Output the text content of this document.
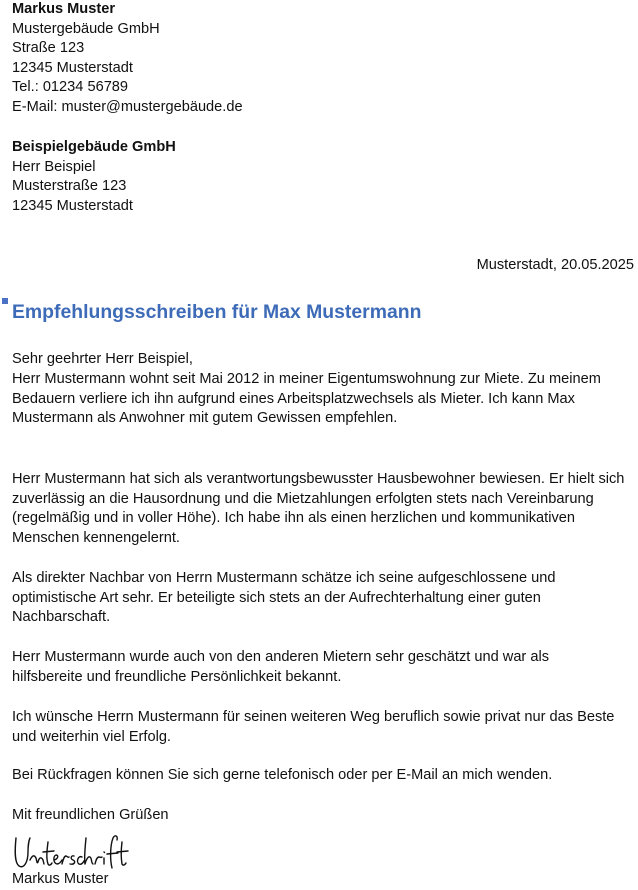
Markus Muster
Mustergebäude GmbH
Straße 123
12345 Musterstadt
Tel.: 01234 56789
E-Mail: muster@mustergebäude.de
Beispielgebäude GmbH
Herr Beispiel
Musterstraße 123
12345 Musterstadt
Musterstadt, 20.05.2025
Empfehlungsschreiben für Max Mustermann
Sehr geehrter Herr Beispiel,
Herr Mustermann wohnt seit Mai 2012 in meiner Eigentumswohnung zur Miete. Zu meinem
Bedauern verliere ich ihn aufgrund eines Arbeitsplatzwechsels als Mieter. Ich kann Max
Mustermann als Anwohner mit gutem Gewissen empfehlen.
Herr Mustermann hat sich als verantwortungsbewusster Hausbewohner bewiesen. Er hielt sich
zuverlässig an die Hausordnung und die Mietzahlungen erfolgten stets nach Vereinbarung
(regelmäßig und in voller Höhe). Ich habe ihn als einen herzlichen und kommunikativen
Menschen kennengelernt.
Als direkter Nachbar von Herrn Mustermann schätze ich seine aufgeschlossene und
optimistische Art sehr. Er beteiligte sich stets an der Aufrechterhaltung einer guten
Nachbarschaft.
Herr Mustermann wurde auch von den anderen Mietern sehr geschätzt und war als
hilfsbereite und freundliche Persönlichkeit bekannt.
Ich wünsche Herrn Mustermann für seinen weiteren Weg beruflich sowie privat nur das Beste
und weiterhin viel Erfolg.
Bei Rückfragen können Sie sich gerne telefonisch oder per E-Mail an mich wenden.
Mit freundlichen Grüßen
Markus Muster
